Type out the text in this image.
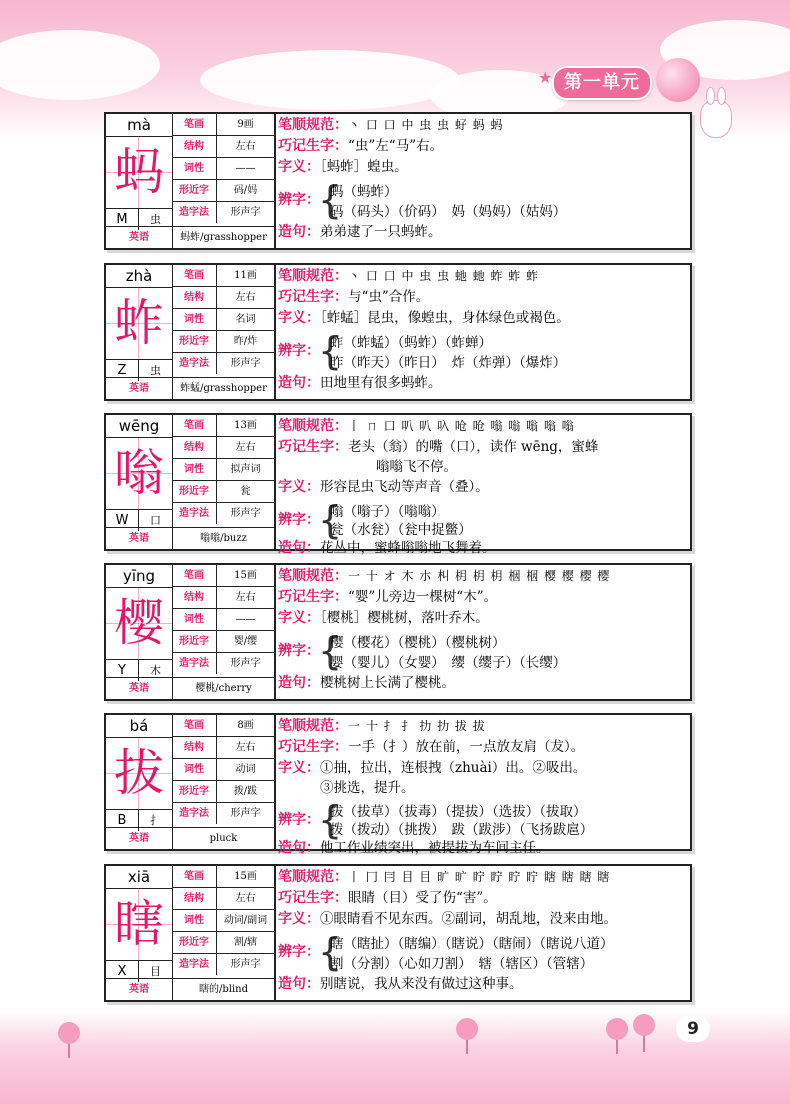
★ 第一单元
mà
蚂
M	虫
笔画	9画
结构	左右
词性	——
形近字	码/妈
造字法	形声字
英语	蚂蚱/grasshopper
笔顺规范：丶 口 口 中 虫 虫 虸 蚂 蚂
巧记生字：“虫”左“马”右。
字义：［蚂蚱］蝗虫。
辨字：
{
蚂（蚂蚱）
码（码头）（价码）　妈（妈妈）（姑妈）
造句：弟弟逮了一只蚂蚱。
zhà
蚱
Z	虫
笔画	11画
结构	左右
词性	名词
形近字	昨/炸
造字法	形声字
英语	蚱蜢/grasshopper
笔顺规范：丶 口 口 中 虫 虫 虵 虵 蚱 蚱 蚱
巧记生字：与“虫”合作。
字义：［蚱蜢］昆虫，像蝗虫，身体绿色或褐色。
辨字：
{
蚱（蚱蜢）（蚂蚱）（蚱蝉）
昨（昨天）（昨日）　炸（炸弹）（爆炸）
造句：田地里有很多蚂蚱。
wēng
嗡
W	口
笔画	13画
结构	左右
词性	拟声词
形近字	瓮
造字法	形声字
英语	嗡嗡/buzz
笔顺规范：丨 ㄇ 口 叭 叭 叺 呛 呛 嗡 嗡 嗡 嗡 嗡
巧记生字：老头（翁）的嘴（口），读作 wēng，蜜蜂
嗡嗡飞不停。
字义：形容昆虫飞动等声音（叠）。
辨字：
{
嗡（嗡子）（嗡嗡）
瓮（水瓮）（瓮中捉鳖）
造句：花丛中，蜜蜂嗡嗡地飞舞着。
yīng
樱
Y	木
笔画	15画
结构	左右
词性	——
形近字	婴/缨
造字法	形声字
英语	樱桃/cherry
笔顺规范：一 十 オ 木 朩 朻 枂 枂 枂 栶 栶 樱 樱 樱 樱
巧记生字：“婴”儿旁边一棵树“木”。
字义：［樱桃］樱桃树，落叶乔木。
辨字：
{
樱（樱花）（樱桃）（樱桃树）
婴（婴儿）（女婴）　缨（缨子）（长缨）
造句：樱桃树上长满了樱桃。
bá
拔
B	扌
笔画	8画
结构	左右
词性	动词
形近字	拨/跋
造字法	形声字
英语	pluck
笔顺规范：一 十 扌 扌 扐 扐 拔 拔
巧记生字：一手（扌）放在前，一点放友肩（犮）。
字义：①抽，拉出，连根拽（zhuài）出。②吸出。
③挑选，提升。
辨字：
{
拔（拔草）（拔毒）（提拔）（选拔）（拔取）
拨（拨动）（挑拨）　跋（跋涉）（飞扬跋扈）
造句：他工作业绩突出，被提拔为车间主任。
xiā
瞎
X	目
笔画	15画
结构	左右
词性	动词/副词
形近字	割/辖
造字法	形声字
英语	瞎的/blind
笔顺规范：丨 冂 冃 目 目 旷 旷 眝 眝 眝 眝 瞎 瞎 瞎 瞎
巧记生字：眼睛（目）受了伤“害”。
字义：①眼睛看不见东西。②副词，胡乱地，没来由地。
辨字：
{
瞎（瞎扯）（瞎编）（瞎说）（瞎闹）（瞎说八道）
割（分割）（心如刀割）　辖（辖区）（管辖）
造句：别瞎说，我从来没有做过这种事。
9
